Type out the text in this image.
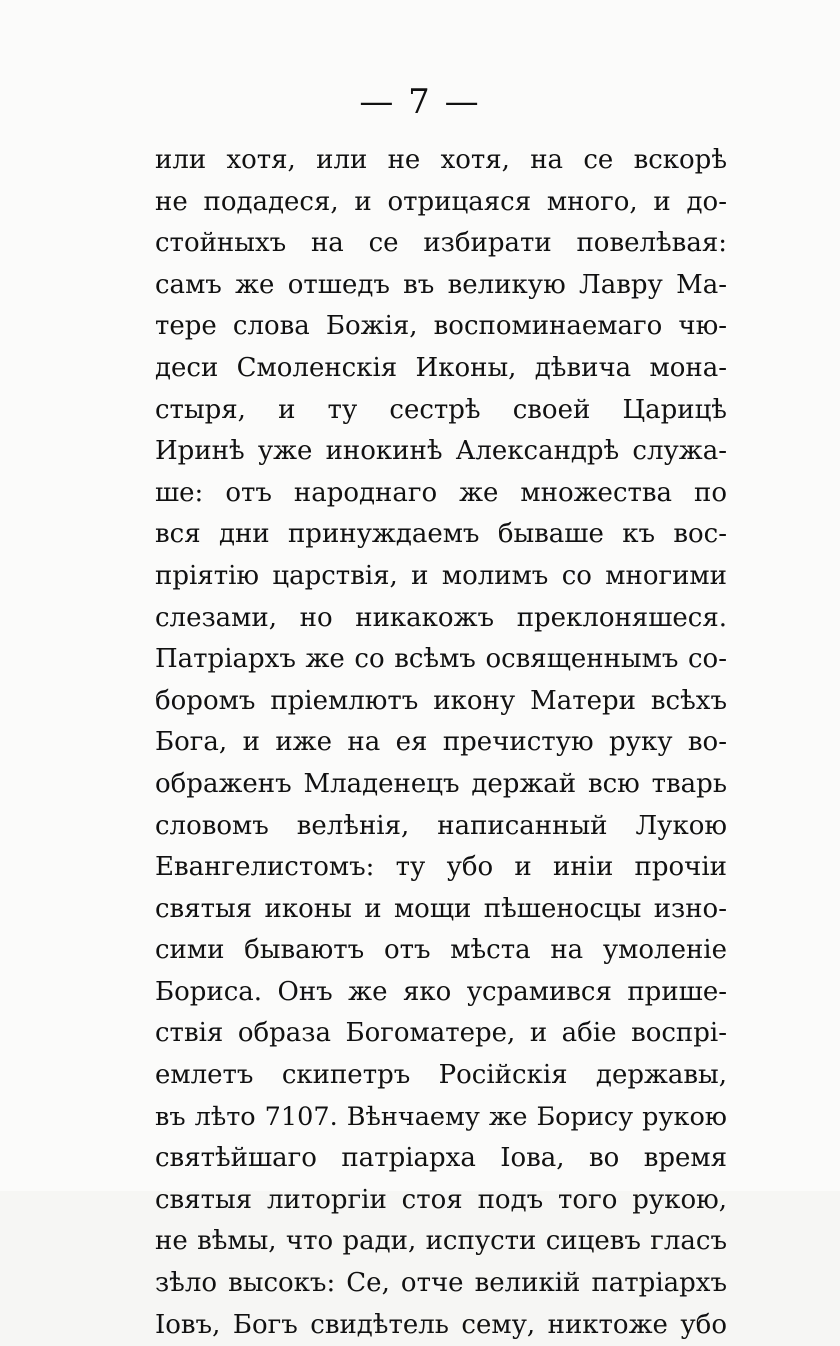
— 7 —
или хотя, или не хотя, на се вскорѣ
не подадеся, и отрицаяся много, и до-
стойныхъ на се избирати повелѣвая:
самъ же отшедъ въ великую Лавру Ма-
тере слова Божія, воспоминаемаго чю-
деси Смоленскія Иконы, дѣвича мона-
стыря, и ту сестрѣ своей Царицѣ
Иринѣ уже инокинѣ Александрѣ служа-
ше: отъ народнаго же множества по
вся дни принуждаемъ бываше къ вос-
пріятію царствія, и молимъ со многими
слезами, но никакожъ преклоняшеся.
Патріархъ же со всѣмъ освященнымъ со-
боромъ пріемлютъ икону Матери всѣхъ
Бога, и иже на ея пречистую руку во-
ображенъ Младенецъ держай всю тварь
словомъ велѣнія, написанный Лукою
Евангелистомъ: ту убо и иніи прочіи
святыя иконы и мощи пѣшеносцы изно-
сими бываютъ отъ мѣста на умоленіе
Бориса. Онъ же яко усрамився прише-
ствія образа Богоматере, и абіе воспрі-
емлетъ скипетръ Російскія державы,
въ лѣто 7107. Вѣнчаему же Борису рукою
святѣйшаго патріарха Іова, во время
святыя литоргіи стоя подъ того рукою,
не вѣмы, что ради, испусти сицевъ гласъ
зѣло высокъ: Се, отче великій патріархъ
Іовъ, Богъ свидѣтель сему, никтоже убо
